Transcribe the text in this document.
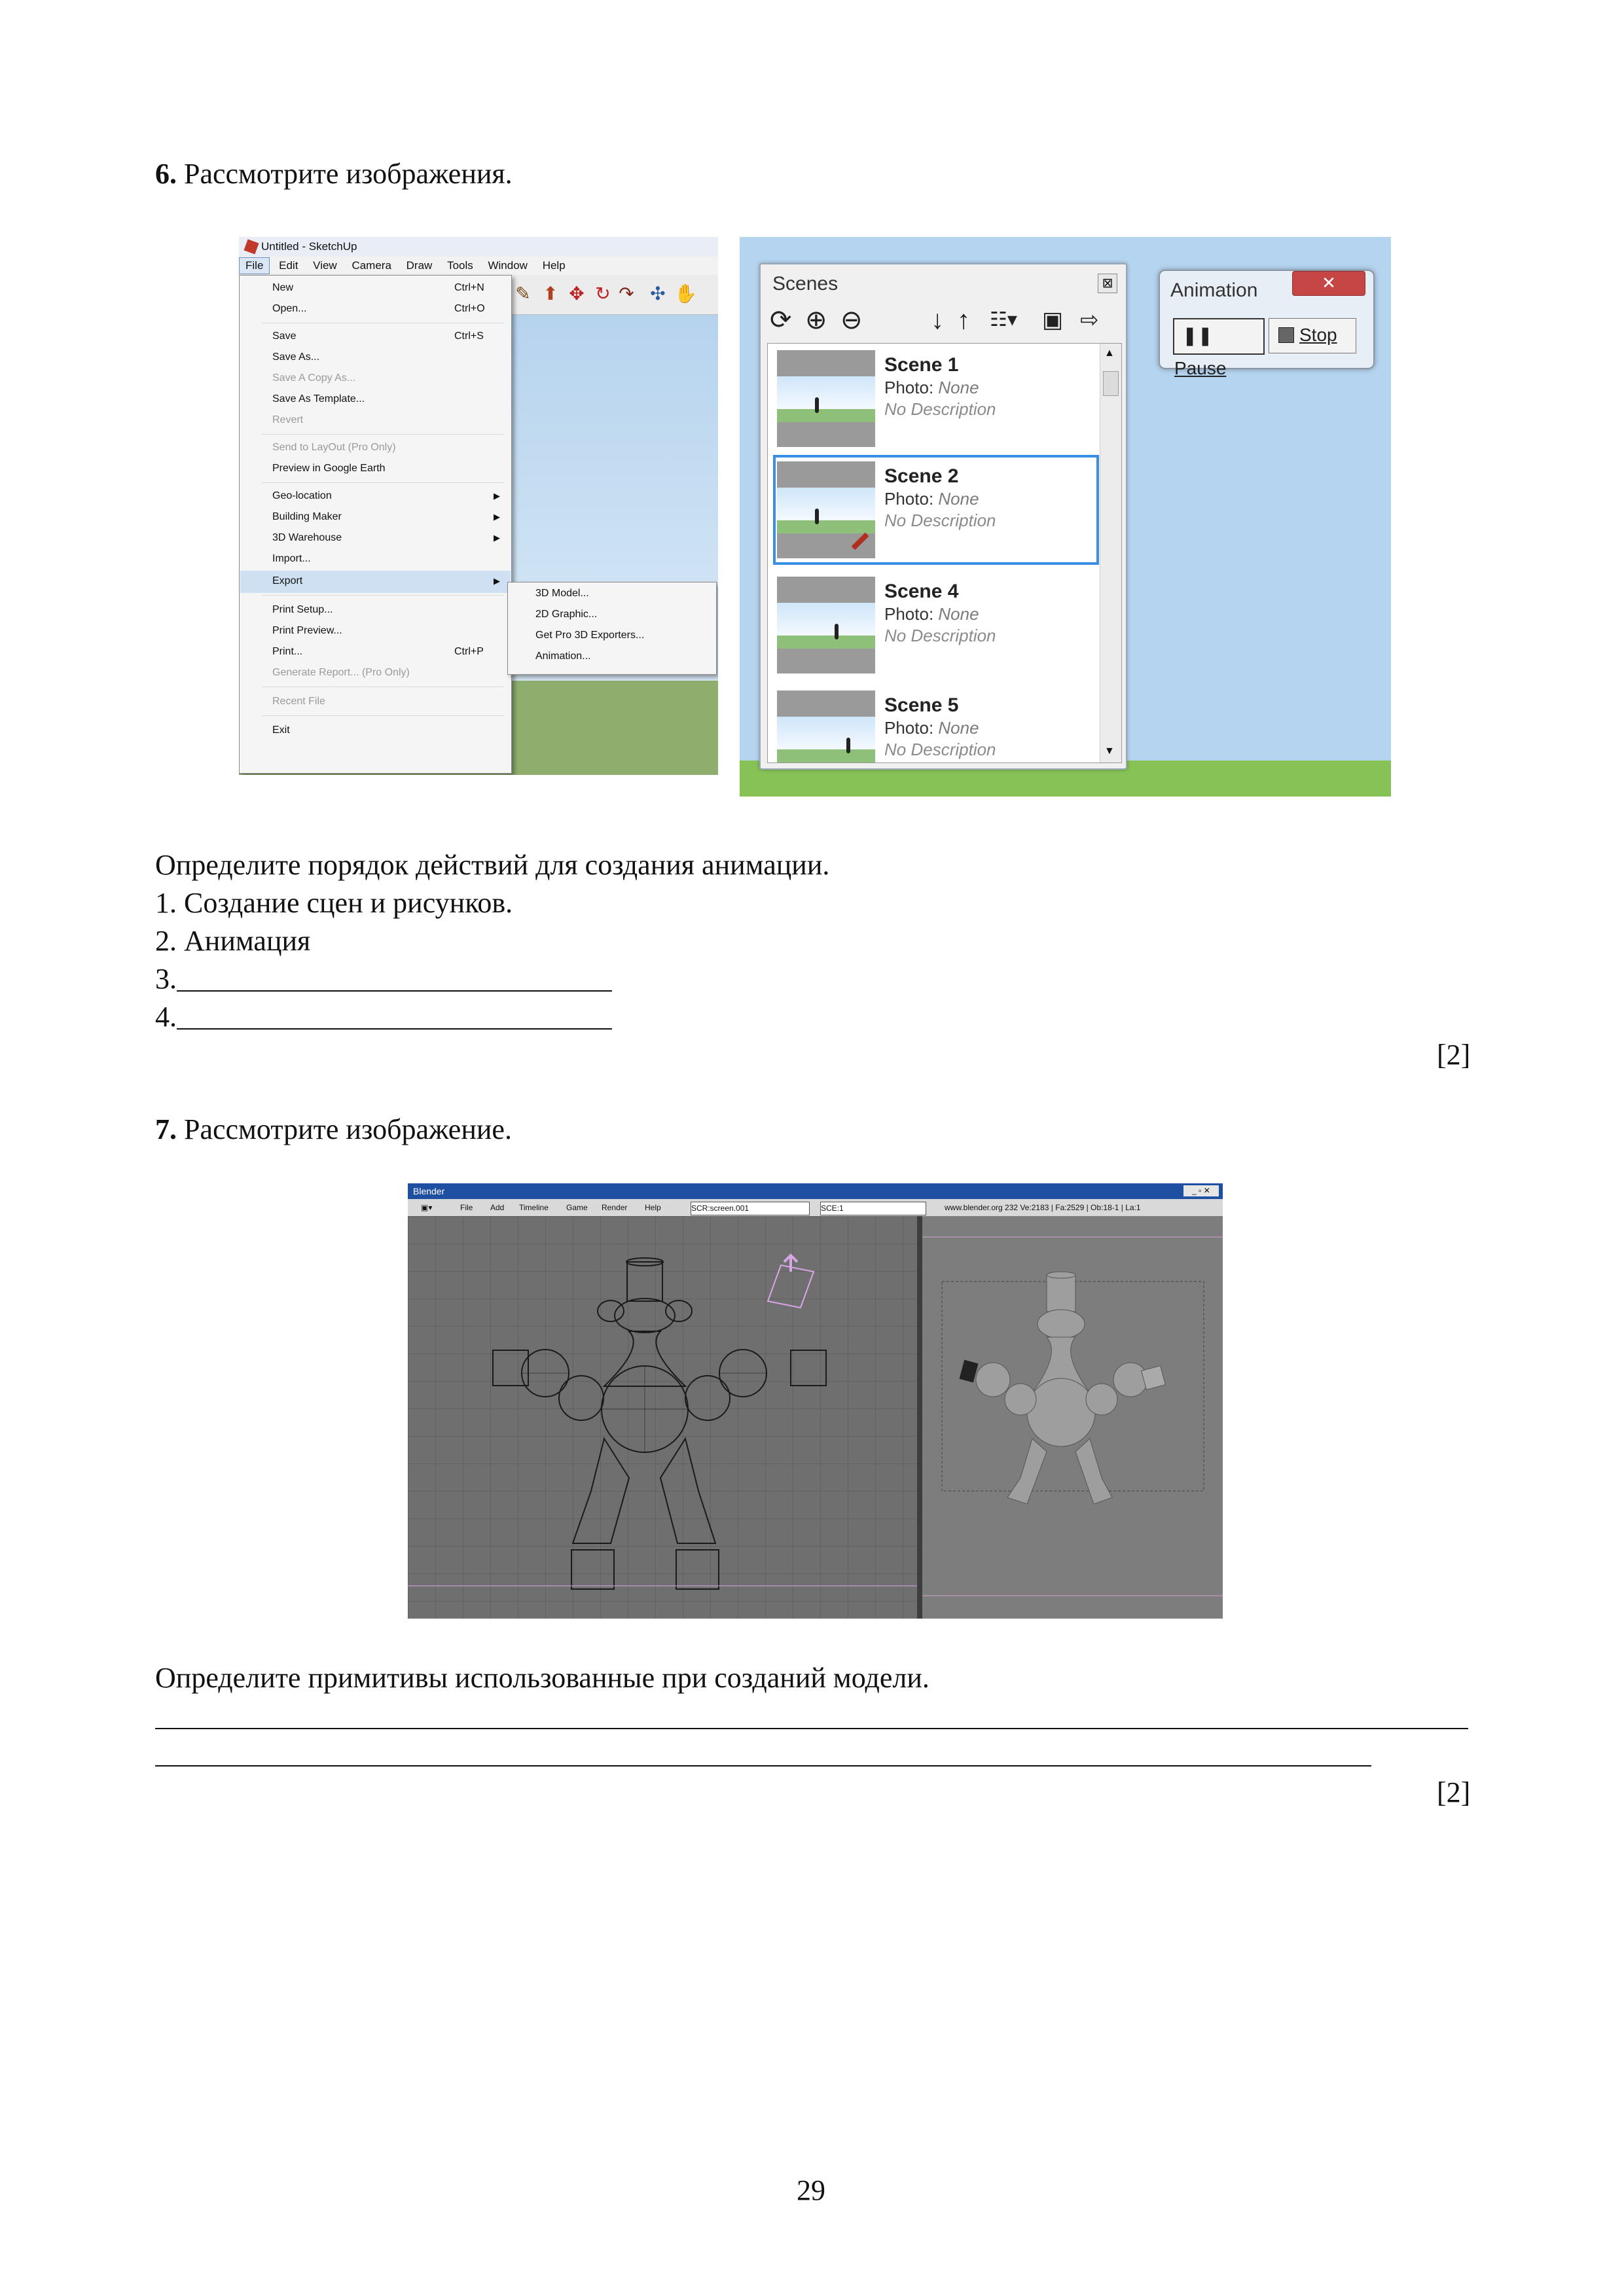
6. Рассмотрите изображения.
Untitled - SketchUp
File Edit View Camera Draw Tools Window Help
✎ ⬆ ✥ ↻ ↷ ✣ ✋
New	Ctrl+N
Open...	Ctrl+O
Save	Ctrl+S
Save As...
Save A Copy As...
Save As Template...
Revert
Send to LayOut (Pro Only)
Preview in Google Earth
Geo-location	▶
Building Maker	▶
3D Warehouse	▶
Import...
Export	▶
Print Setup...
Print Preview...
Print...	Ctrl+P
Generate Report... (Pro Only)
Recent File
Exit
3D Model...
2D Graphic...
Get Pro 3D Exporters...
Animation...
Scenes	⊠
⟳ ⊕ ⊖	↓ ↑ ☷▾ ▣ ⇨
Scene 1
Photo: None
No Description
Scene 2
Photo: None
No Description
Scene 4
Photo: None
No Description
Scene 5
Photo: None
No Description
▲
▼
Animation	✕
❚❚Pause
Stop
Определите порядок действий для создания анимации.
1. Создание сцен и рисунков.
2. Анимация
3.
4.
[2]
7. Рассмотрите изображение.
Blender	_ ▫ ✕
▣▾	File Add Timeline Game Render Help	SCR:screen.001	SCE:1	www.blender.org 232 Ve:2183 | Fa:2529 | Ob:18-1 | La:1
Определите примитивы использованные при созданий модели.
[2]
29
